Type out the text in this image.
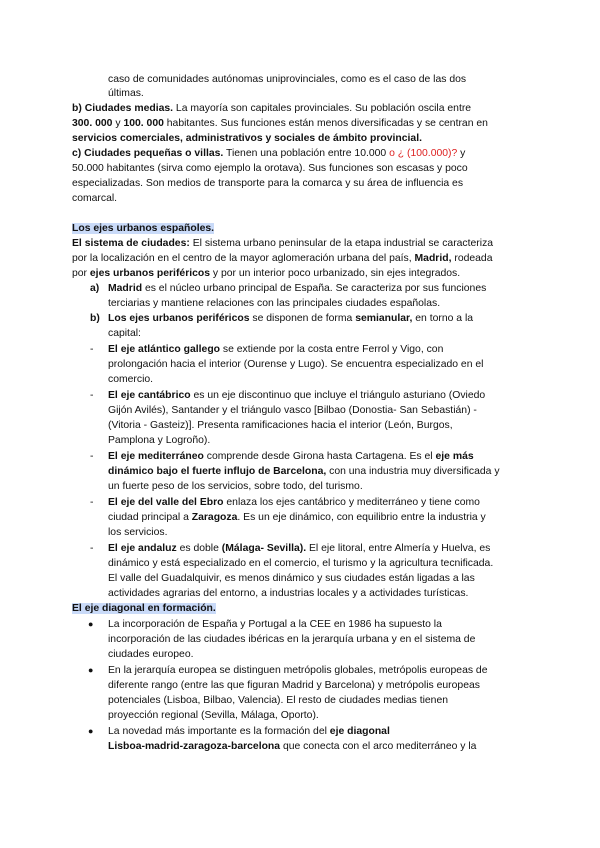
caso de comunidades autónomas uniprovinciales, como es el caso de las dos
últimas.
b) Ciudades medias. La mayoría son capitales provinciales. Su población oscila entre
300. 000 y 100. 000 habitantes. Sus funciones están menos diversificadas y se centran en
servicios comerciales, administrativos y sociales de ámbito provincial.
c) Ciudades pequeñas o villas. Tienen una población entre 10.000 o ¿ (100.000)? y
50.000 habitantes (sirva como ejemplo la orotava). Sus funciones son escasas y poco
especializadas. Son medios de transporte para la comarca y su área de influencia es
comarcal.
Los ejes urbanos españoles.
El sistema de ciudades: El sistema urbano peninsular de la etapa industrial se caracteriza
por la localización en el centro de la mayor aglomeración urbana del país, Madrid, rodeada
por ejes urbanos periféricos y por un interior poco urbanizado, sin ejes integrados.
a) Madrid es el núcleo urbano principal de España. Se caracteriza por sus funciones
terciarias y mantiene relaciones con las principales ciudades españolas.
b) Los ejes urbanos periféricos se disponen de forma semianular, en torno a la
capital:
- El eje atlántico gallego se extiende por la costa entre Ferrol y Vigo, con
prolongación hacia el interior (Ourense y Lugo). Se encuentra especializado en el
comercio.
- El eje cantábrico es un eje discontinuo que incluye el triángulo asturiano (Oviedo
Gijón Avilés), Santander y el triángulo vasco [Bilbao (Donostia- San Sebastián) -
(Vitoria - Gasteiz)]. Presenta ramificaciones hacia el interior (León, Burgos,
Pamplona y Logroño).
- El eje mediterráneo comprende desde Girona hasta Cartagena. Es el eje más
dinámico bajo el fuerte influjo de Barcelona, con una industria muy diversificada y
un fuerte peso de los servicios, sobre todo, del turismo.
- El eje del valle del Ebro enlaza los ejes cantábrico y mediterráneo y tiene como
ciudad principal a Zaragoza. Es un eje dinámico, con equilibrio entre la industria y
los servicios.
- El eje andaluz es doble (Málaga- Sevilla). El eje litoral, entre Almería y Huelva, es
dinámico y está especializado en el comercio, el turismo y la agricultura tecnificada.
El valle del Guadalquivir, es menos dinámico y sus ciudades están ligadas a las
actividades agrarias del entorno, a industrias locales y a actividades turísticas.
El eje diagonal en formación.
● La incorporación de España y Portugal a la CEE en 1986 ha supuesto la
incorporación de las ciudades ibéricas en la jerarquía urbana y en el sistema de
ciudades europeo.
● En la jerarquía europea se distinguen metrópolis globales, metrópolis europeas de
diferente rango (entre las que figuran Madrid y Barcelona) y metrópolis europeas
potenciales (Lisboa, Bilbao, Valencia). El resto de ciudades medias tienen
proyección regional (Sevilla, Málaga, Oporto).
● La novedad más importante es la formación del eje diagonal
Lisboa-madrid-zaragoza-barcelona que conecta con el arco mediterráneo y la
